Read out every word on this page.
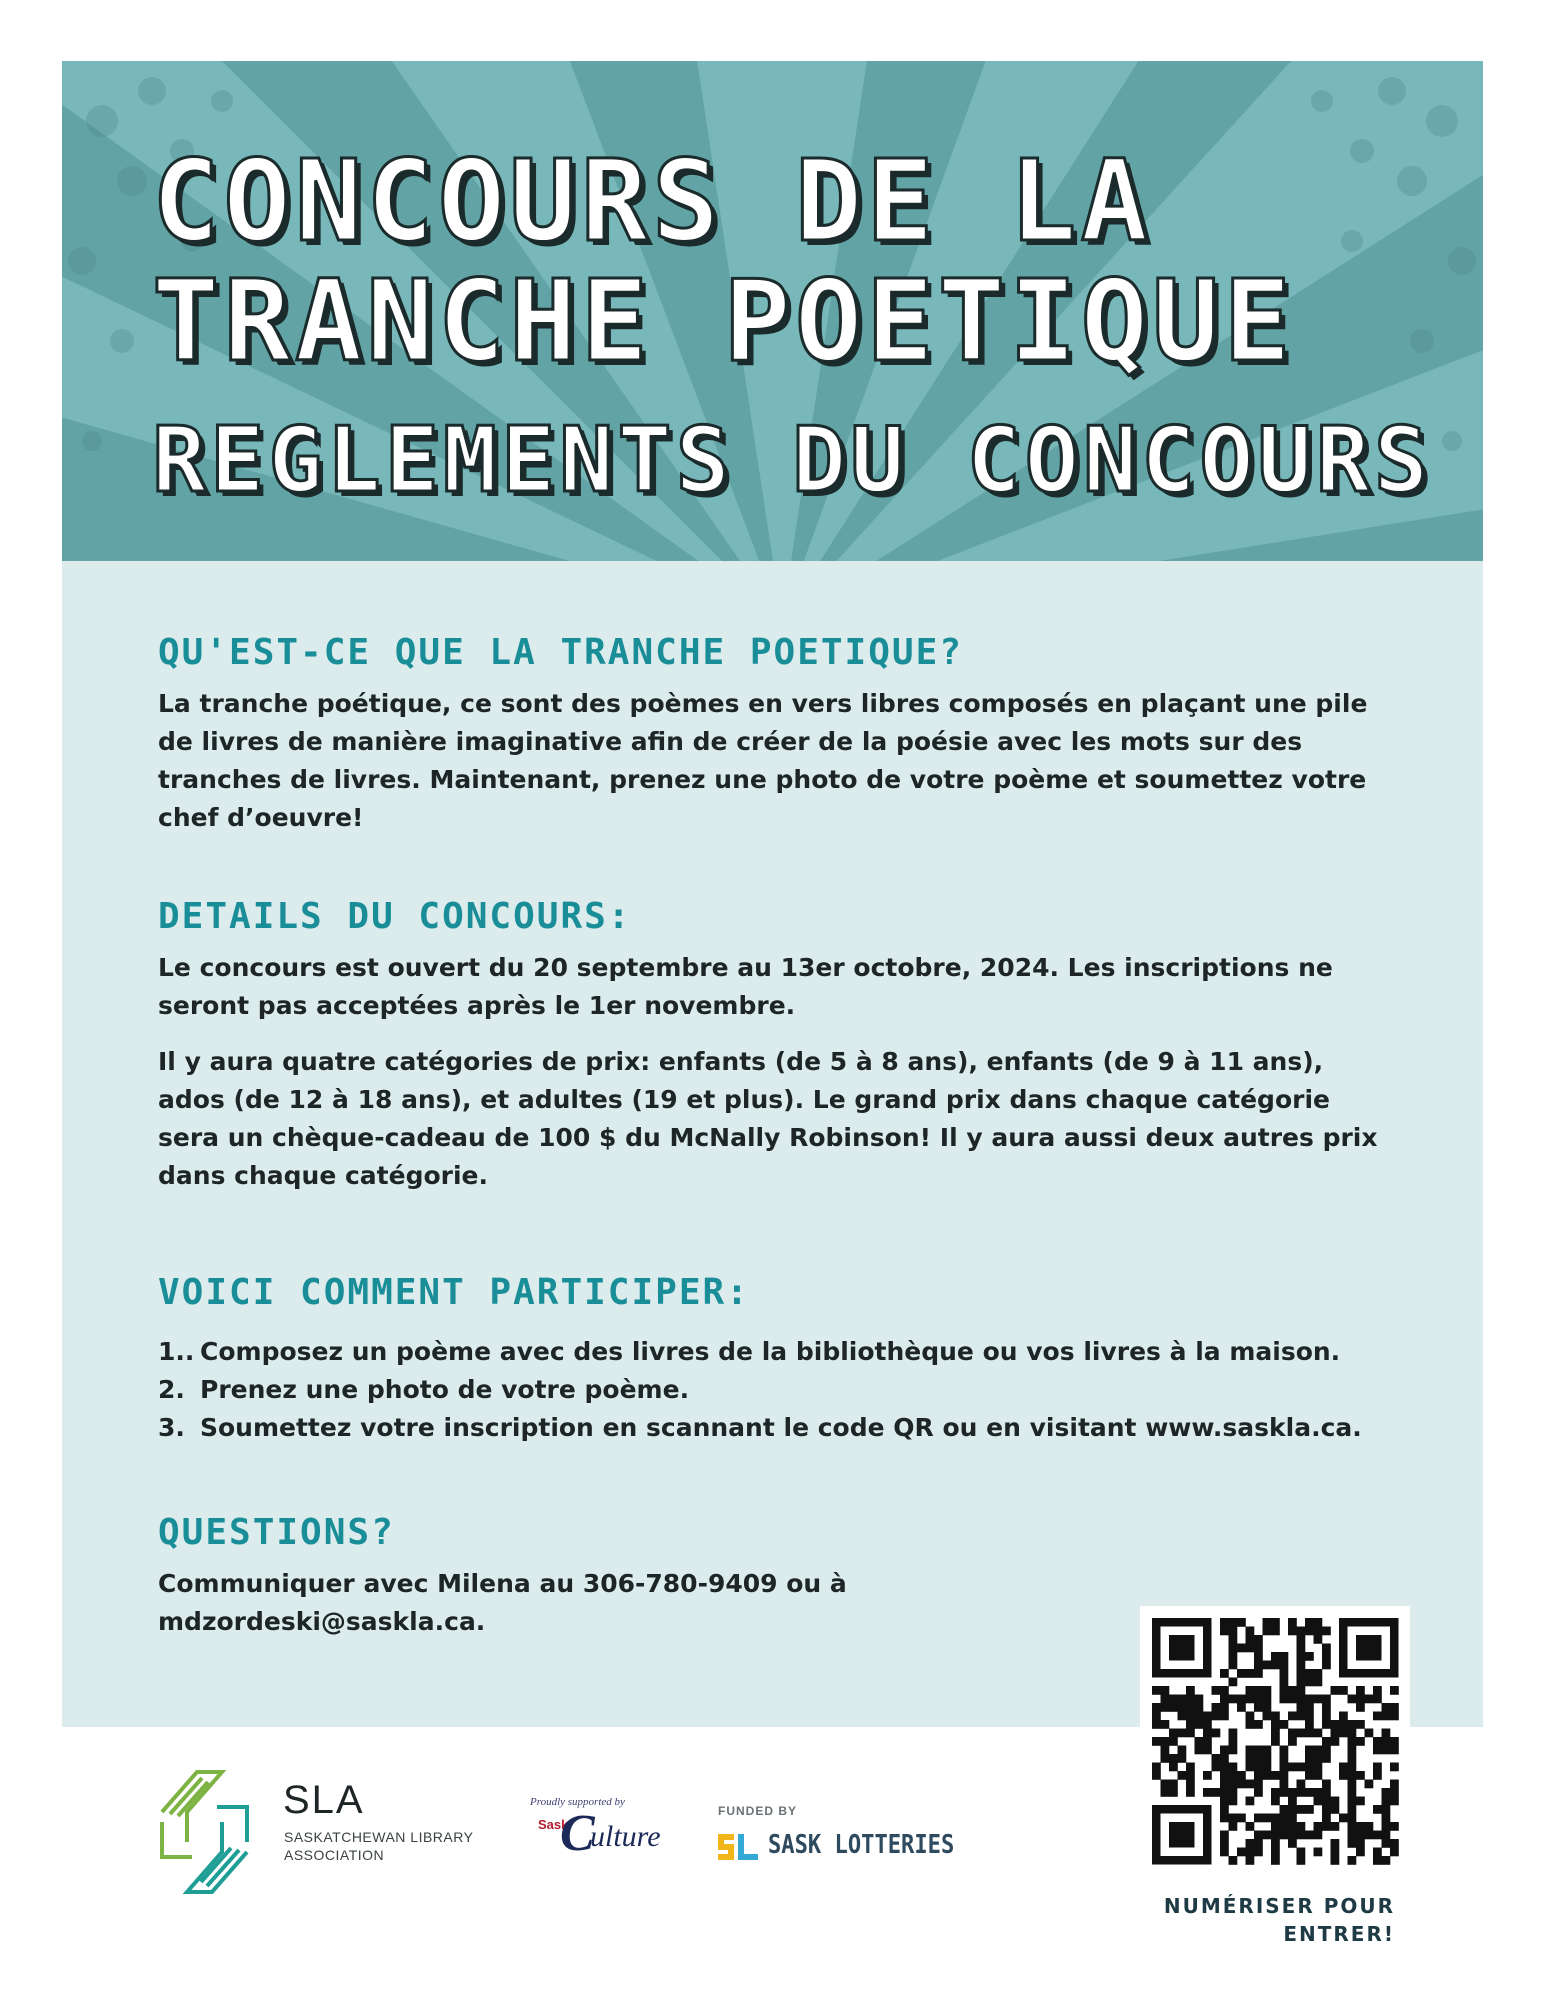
CONCOURS DE LA

TRANCHE POETIQUE

REGLEMENTS DU CONCOURS

QU'EST-CE QUE LA TRANCHE POETIQUE?

La tranche poétique, ce sont des poèmes en vers libres composés en plaçant une pile de livres de manière imaginative afin de créer de la poésie avec les mots sur des tranches de livres. Maintenant, prenez une photo de votre poème et soumettez votre chef d’oeuvre!

DETAILS DU CONCOURS:

Le concours est ouvert du 20 septembre au 13er octobre, 2024. Les inscriptions ne seront pas acceptées après le 1er novembre.

Il y aura quatre catégories de prix: enfants (de 5 à 8 ans), enfants (de 9 à 11 ans), ados (de 12 à 18 ans), et adultes (19 et plus). Le grand prix dans chaque catégorie sera un chèque-cadeau de 100 $ du McNally Robinson! Il y aura aussi deux autres prix dans chaque catégorie.

VOICI COMMENT PARTICIPER:
1.. Composez un poème avec des livres de la bibliothèque ou vos livres à la maison.
2. Prenez une photo de votre poème.
3. Soumettez votre inscription en scannant le code QR ou en visitant www.saskla.ca.
QUESTIONS?

Communiquer avec Milena au 306-780-9409 ou à mdzordeski@saskla.ca.

NUMÉRISER POUR
ENTRER!

SLA

SASKATCHEWAN LIBRARY
ASSOCIATION

Proudly supported by

Sask

C

ulture

FUNDED BY

SASK LOTTERIES
